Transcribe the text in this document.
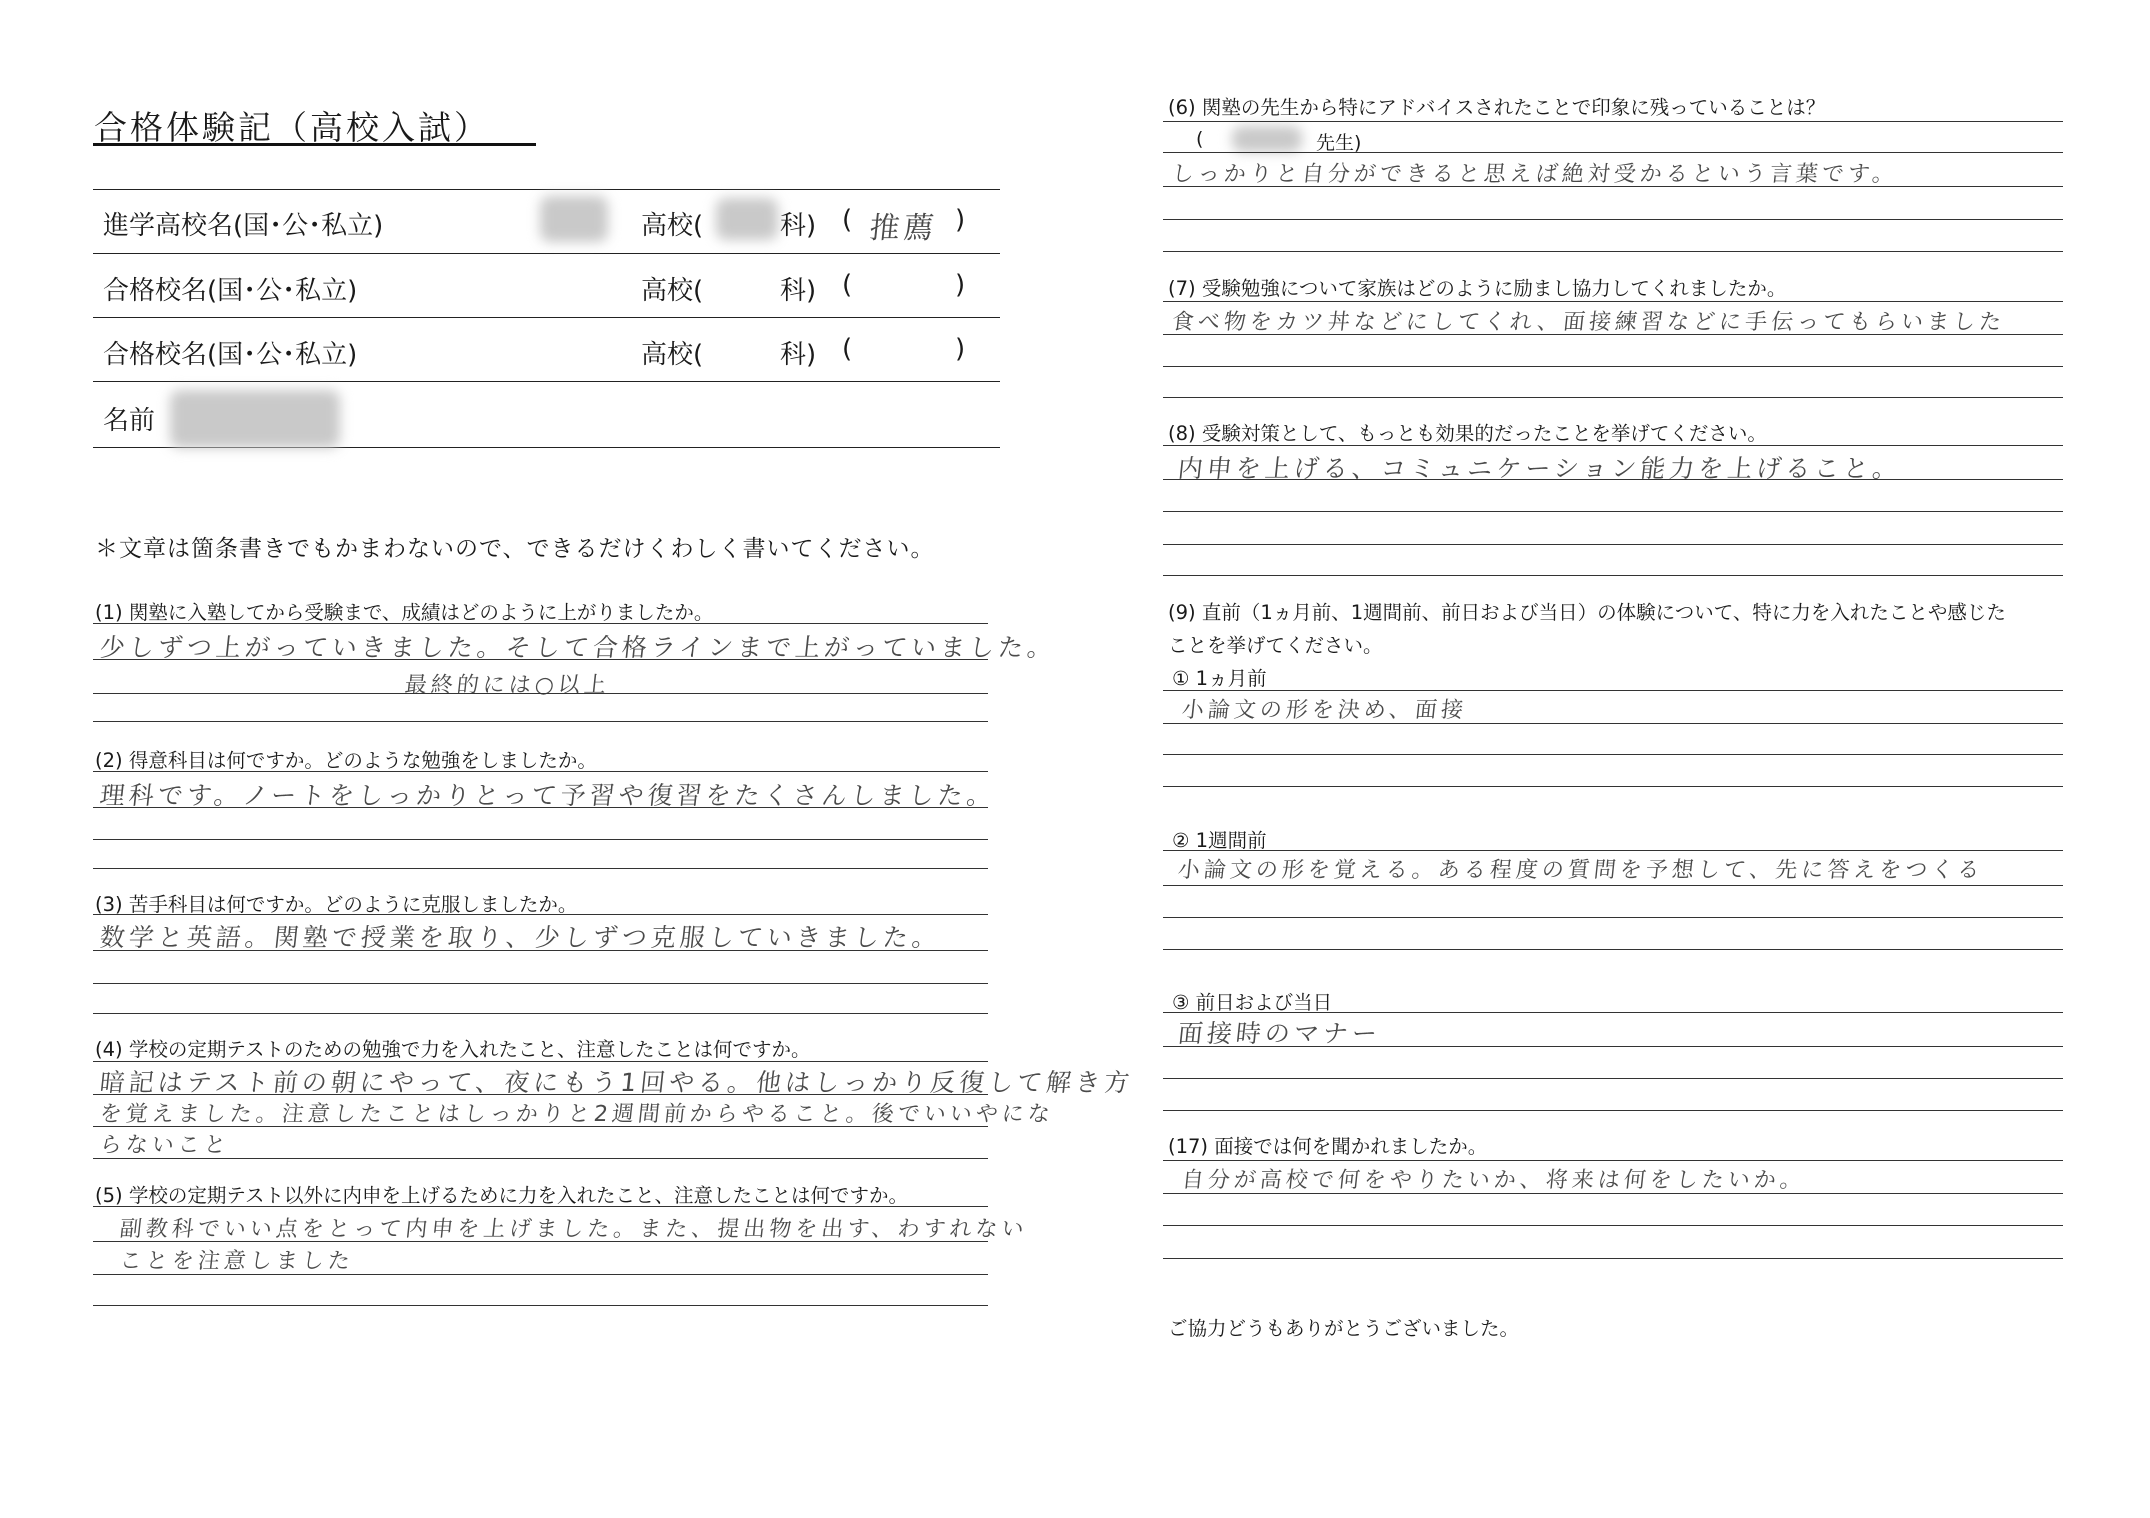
合格体験記（高校入試）
進学高校名(国･公･私立)	高校(	科) ( 推薦 )
合格校名(国･公･私立)	高校(	科) (	)
合格校名(国･公･私立)	高校(	科) (	)
名前
＊文章は箇条書きでもかまわないので、できるだけくわしく書いてください。
(1) 関塾に入塾してから受験まで、成績はどのように上がりましたか。
少しずつ上がっていきました。そして合格ラインまで上がっていました。
最終的には○以上
(2) 得意科目は何ですか。どのような勉強をしましたか。
理科です。ノートをしっかりとって予習や復習をたくさんしました。
(3) 苦手科目は何ですか。どのように克服しましたか。
数学と英語。関塾で授業を取り、少しずつ克服していきました。
(4) 学校の定期テストのための勉強で力を入れたこと、注意したことは何ですか。
暗記はテスト前の朝にやって、夜にもう1回やる。他はしっかり反復して解き方
を覚えました。注意したことはしっかりと2週間前からやること。後でいいやにな
らないこと
(5) 学校の定期テスト以外に内申を上げるために力を入れたこと、注意したことは何ですか。
副教科でいい点をとって内申を上げました。また、提出物を出す、わすれない
ことを注意しました
(6) 関塾の先生から特にアドバイスされたことで印象に残っていることは？
(	先生)
しっかりと自分ができると思えば絶対受かるという言葉です。
(7) 受験勉強について家族はどのように励まし協力してくれましたか。
食べ物をカツ丼などにしてくれ、面接練習などに手伝ってもらいました
(8) 受験対策として、もっとも効果的だったことを挙げてください。
内申を上げる、コミュニケーション能力を上げること。
(9) 直前（1ヵ月前、1週間前、前日および当日）の体験について、特に力を入れたことや感じた
ことを挙げてください。
① 1ヵ月前
小論文の形を決め、面接
② 1週間前
小論文の形を覚える。ある程度の質問を予想して、先に答えをつくる
③ 前日および当日
面接時のマナー
(17) 面接では何を聞かれましたか。
自分が高校で何をやりたいか、将来は何をしたいか。
ご協力どうもありがとうございました。
